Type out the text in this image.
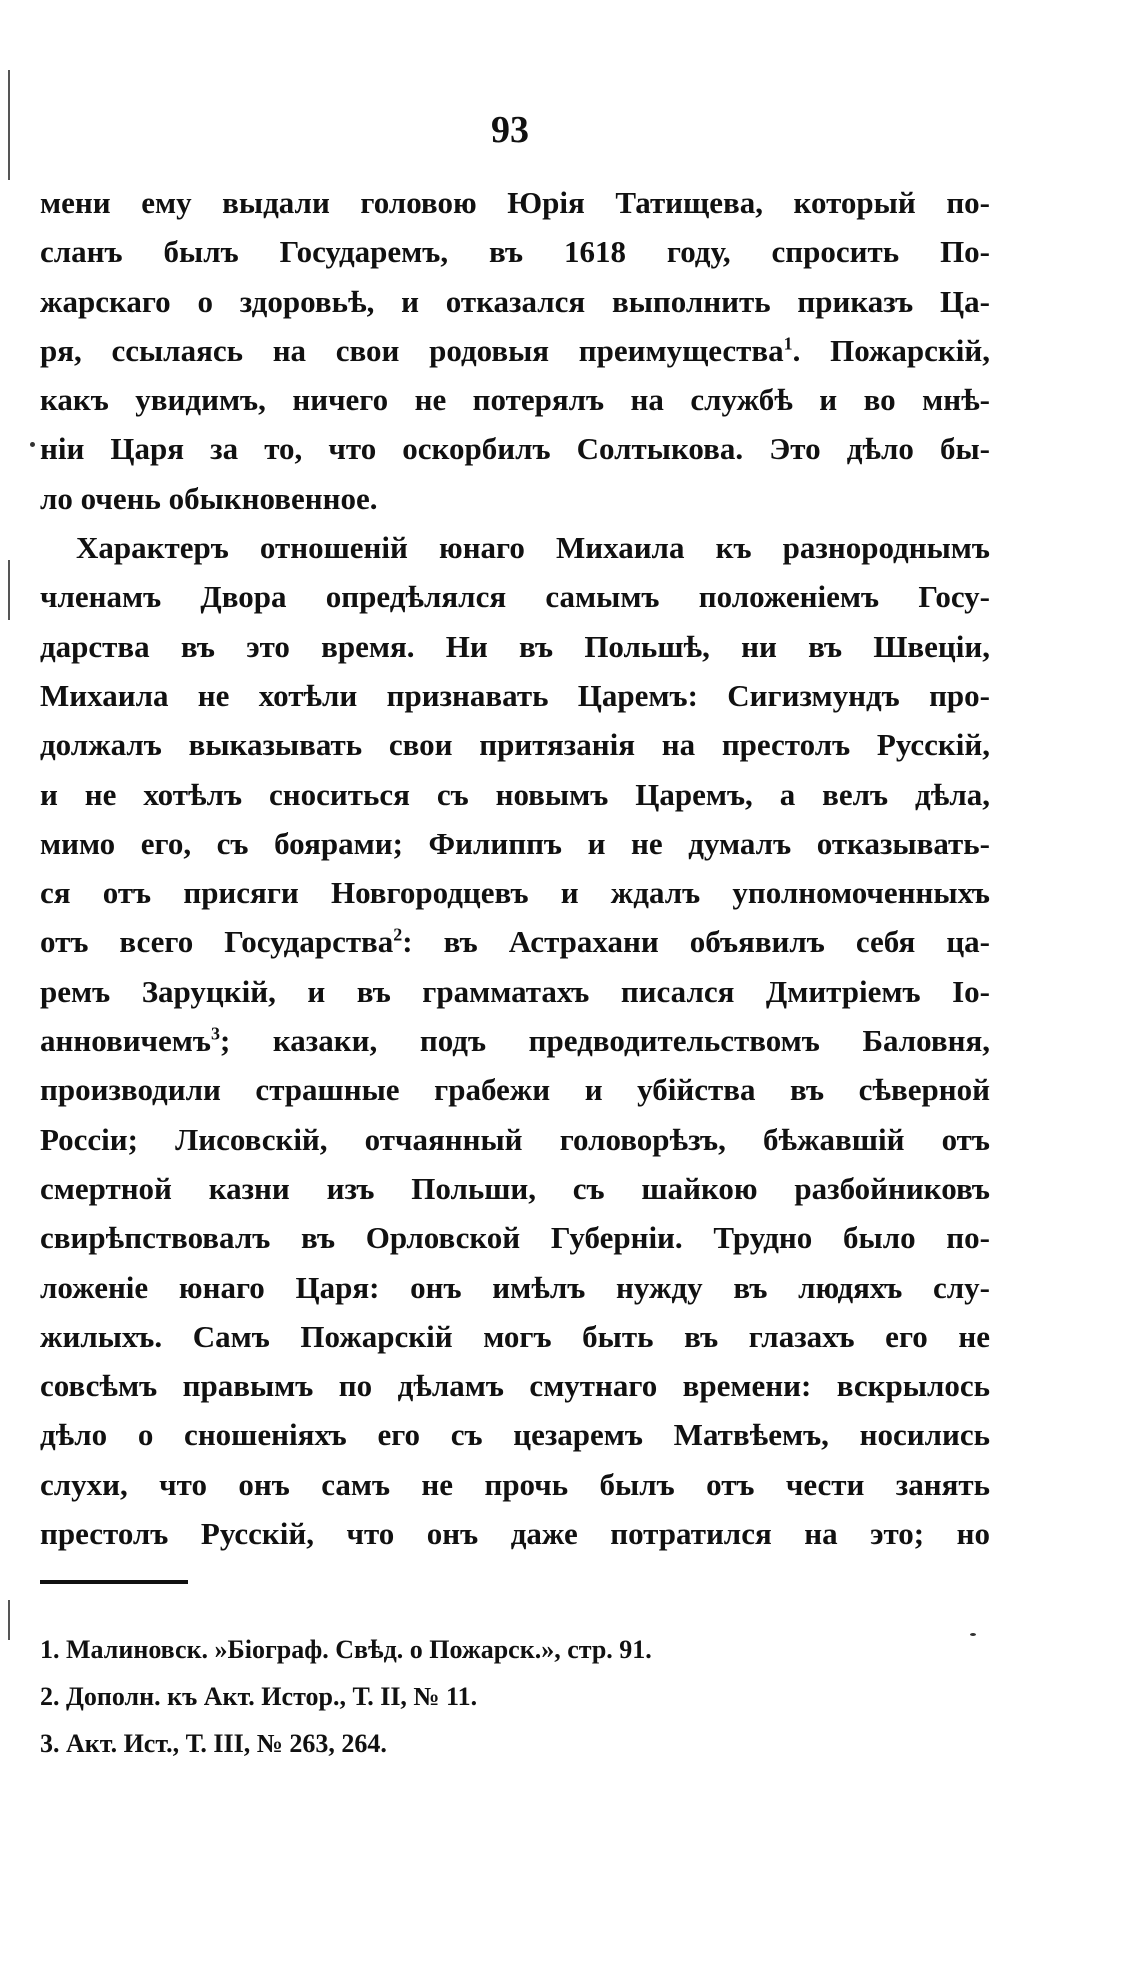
93
мени ему выдали головою Юрія Татищева, который по-
сланъ былъ Государемъ, въ 1618 году, спросить По-
жарскаго о здоровьѣ, и отказался выполнить приказъ Ца-
ря, ссылаясь на свои родовыя преимущества$^1$. Пожарскій,
какъ увидимъ, ничего не потерялъ на службѣ и во мнѣ-
ніи Царя за то, что оскорбилъ Солтыкова. Это дѣло бы-
ло очень обыкновенное.
Характеръ отношеній юнаго Михаила къ разнороднымъ
членамъ Двора опредѣлялся самымъ положеніемъ Госу-
дарства въ это время. Ни въ Польшѣ, ни въ Швеціи,
Михаила не хотѣли признавать Царемъ: Сигизмундъ про-
должалъ выказывать свои притязанія на престолъ Русскій,
и не хотѣлъ сноситься съ новымъ Царемъ, а велъ дѣла,
мимо его, съ боярами; Филиппъ и не думалъ отказывать-
ся отъ присяги Новгородцевъ и ждалъ уполномоченныхъ
отъ всего Государства$^2$: въ Астрахани объявилъ себя ца-
ремъ Заруцкій, и въ грамматахъ писался Дмитріемъ Іо-
анновичемъ$^3$; казаки, подъ предводительствомъ Баловня,
производили страшные грабежи и убійства въ сѣверной
Россіи; Лисовскій, отчаянный головорѣзъ, бѣжавшій отъ
смертной казни изъ Польши, съ шайкою разбойниковъ
свирѣпствовалъ въ Орловской Губерніи. Трудно было по-
ложеніе юнаго Царя: онъ имѣлъ нужду въ людяхъ слу-
жилыхъ. Самъ Пожарскій могъ быть въ глазахъ его не
совсѣмъ правымъ по дѣламъ смутнаго времени: вскрылось
дѣло о сношеніяхъ его съ цезаремъ Матвѣемъ, носились
слухи, что онъ самъ не прочь былъ отъ чести занять
престолъ Русскій, что онъ даже потратился на это; но
1. Малиновск. »Біограф. Свѣд. о Пожарск.», стр. 91.
2. Дополн. къ Акт. Истор., Т. II, № 11.
3. Акт. Ист., Т. III, № 263, 264.
